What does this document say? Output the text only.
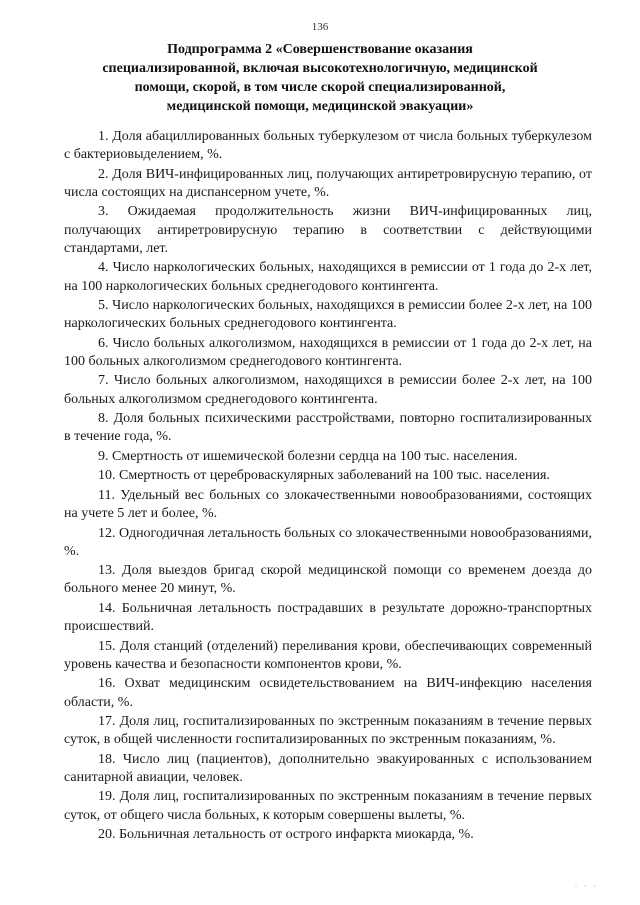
136
Подпрограмма 2 «Совершенствование оказания
специализированной, включая высокотехнологичную, медицинской
помощи, скорой, в том числе скорой специализированной,
медицинской помощи, медицинской эвакуации»
1. Доля абациллированных больных туберкулезом от числа больных туберкулезом с бактериовыделением, %.
2. Доля ВИЧ-инфицированных лиц, получающих антиретровирусную терапию, от числа состоящих на диспансерном учете, %.
3. Ожидаемая продолжительность жизни ВИЧ-инфицированных лиц, получающих антиретровирусную терапию в соответствии с действующими стандартами, лет.
4. Число наркологических больных, находящихся в ремиссии от 1 года до 2-х лет, на 100 наркологических больных среднегодового контингента.
5. Число наркологических больных, находящихся в ремиссии более 2-х лет, на 100 наркологических больных среднегодового контингента.
6. Число больных алкоголизмом, находящихся в ремиссии от 1 года до 2-х лет, на 100 больных алкоголизмом среднегодового контингента.
7. Число больных алкоголизмом, находящихся в ремиссии более 2-х лет, на 100 больных алкоголизмом среднегодового контингента.
8. Доля больных психическими расстройствами, повторно госпитализированных в течение года, %.
9. Смертность от ишемической болезни сердца на 100 тыс. населения.
10. Смертность от цереброваскулярных заболеваний на 100 тыс. населения.
11. Удельный вес больных со злокачественными новообразованиями, состоящих на учете 5 лет и более, %.
12. Одногодичная летальность больных со злокачественными новообразованиями, %.
13. Доля выездов бригад скорой медицинской помощи со временем доезда до больного менее 20 минут, %.
14. Больничная летальность пострадавших в результате дорожно-транспортных происшествий.
15. Доля станций (отделений) переливания крови, обеспечивающих современный уровень качества и безопасности компонентов крови, %.
16. Охват медицинским освидетельствованием на ВИЧ-инфекцию населения области, %.
17. Доля лиц, госпитализированных по экстренным показаниям в течение первых суток, в общей численности госпитализированных по экстренным показаниям, %.
18. Число лиц (пациентов), дополнительно эвакуированных с использованием санитарной авиации, человек.
19. Доля лиц, госпитализированных по экстренным показаниям в течение первых суток, от общего числа больных, к которым совершены вылеты, %.
20. Больничная летальность от острого инфаркта миокарда, %.
· · ·
